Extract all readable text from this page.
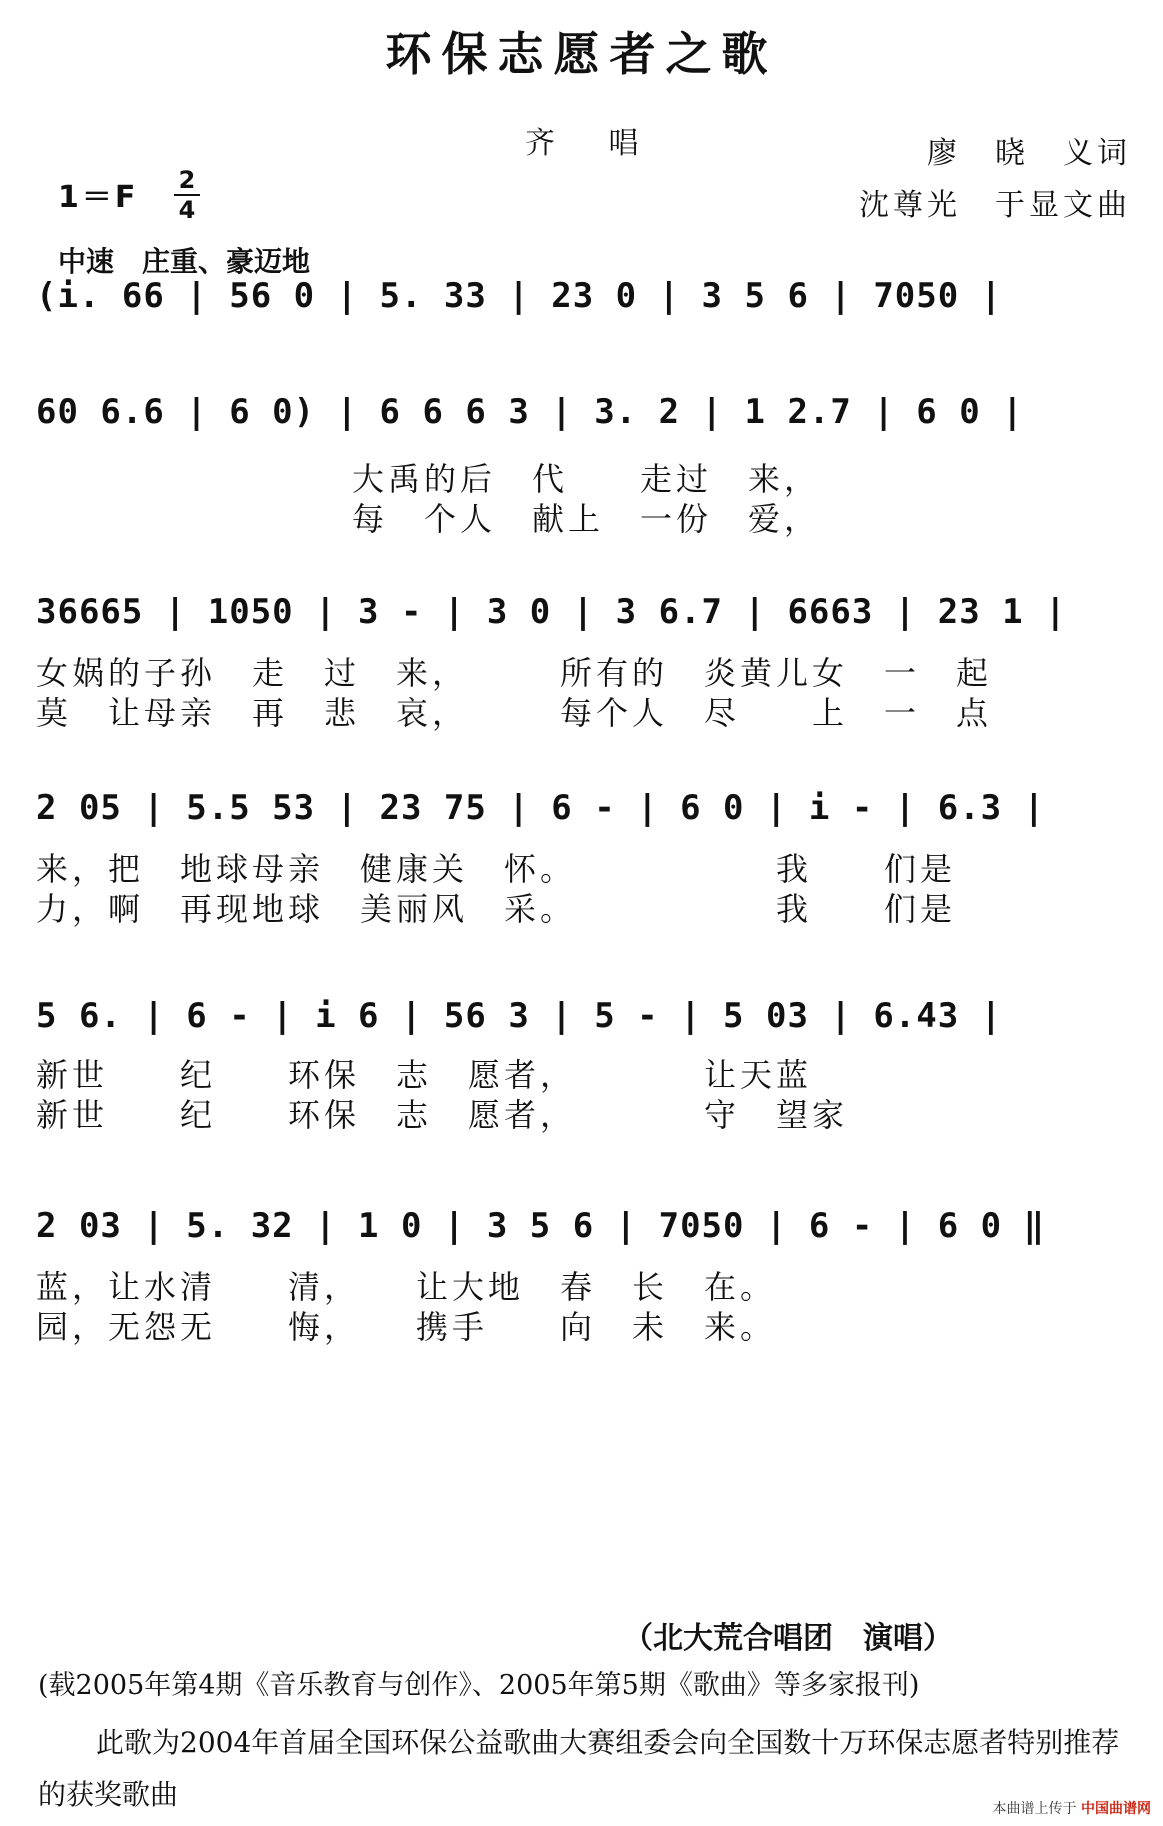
环保志愿者之歌
齐 唱
1＝F 2
4
中速　庄重、豪迈地
廖　晓　义词
沈尊光　于显文曲
(i. 66 | 56 0 | 5. 33 | 23 0 | 3 5 6 | 7050 |
60 6.6 | 6 0) | 6 6 6 3 | 3. 2 | 1 2.7 | 6 0 |
大禹的后　代　　走过　来，
每　个人　献上　一份　爱，
36665 | 1050 | 3 - | 3 0 | 3 6.7 | 6663 | 23 1 |
女娲的子孙　走　过　来，　　　所有的　炎黄儿女　一　起
莫　让母亲　再　悲　哀，　　　每个人　尽　　上　一　点
2 05 | 5.5 53 | 23 75 | 6 - | 6 0 | i - | 6.3 |
来，把　地球母亲　健康关　怀。　　　　　　我　　们是
力，啊　再现地球　美丽风　采。　　　　　　我　　们是
5 6. | 6 - | i 6 | 56 3 | 5 - | 5 03 | 6.43 |
新世　　纪　　环保　志　愿者，　　　　让天蓝
新世　　纪　　环保　志　愿者，　　　　守　望家
2 03 | 5. 32 | 1 0 | 3 5 6 | 7050 | 6 - | 6 0 ‖
蓝，让水清　　清，　　让大地　春　长　在。
园，无怨无　　悔，　　携手　　向　未　来。
（北大荒合唱团　演唱）
(载2005年第4期《音乐教育与创作》、2005年第5期《歌曲》等多家报刊)
此歌为2004年首届全国环保公益歌曲大赛组委会向全国数十万环保志愿者特别推荐的获奖歌曲	本曲谱上传于 中国曲谱网
